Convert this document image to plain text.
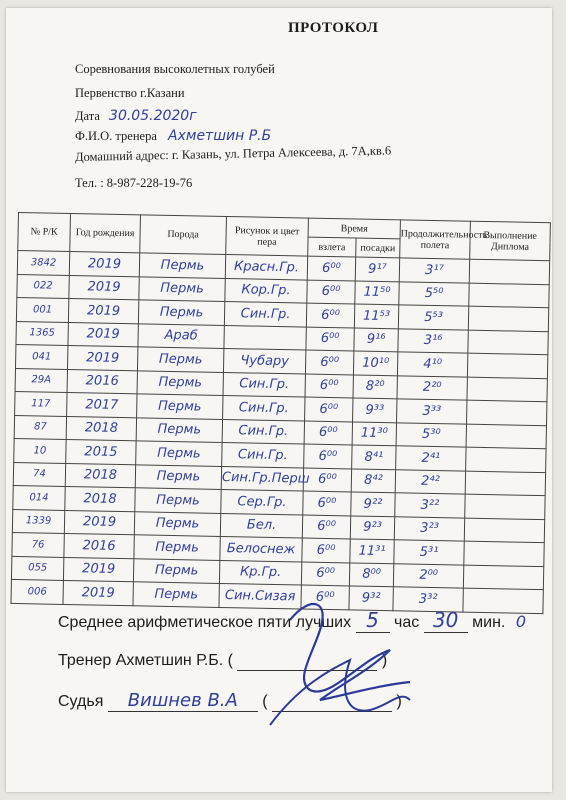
ПРОТОКОЛ
Соревнования высоколетных голубей
Первенство г.Казани
Дата 30.05.2020г
Ф.И.О. тренера Ахметшин Р.Б
Домашний адрес: г. Казань, ул. Петра Алексеева, д. 7А,кв.6
Тел. : 8-987-228-19-76
№ Р/К	Год рождения	Порода	Рисунок и цвет пера	Время		Продолжительность полета	Выполнение Диплома
				взлета	посадки		
3842	2019	Пермь	Красн.Гр.	6⁰⁰	9¹⁷	3¹⁷	
022	2019	Пермь	Кор.Гр.	6⁰⁰	11⁵⁰	5⁵⁰	
001	2019	Пермь	Син.Гр.	6⁰⁰	11⁵³	5⁵³	
1365	2019	Араб		6⁰⁰	9¹⁶	3¹⁶	
041	2019	Пермь	Чубару	6⁰⁰	10¹⁰	4¹⁰	
29А	2016	Пермь	Син.Гр.	6⁰⁰	8²⁰	2²⁰	
117	2017	Пермь	Син.Гр.	6⁰⁰	9³³	3³³	
87	2018	Пермь	Син.Гр.	6⁰⁰	11³⁰	5³⁰	
10	2015	Пермь	Син.Гр.	6⁰⁰	8⁴¹	2⁴¹	
74	2018	Пермь	Син.Гр.Перш	6⁰⁰	8⁴²	2⁴²	
014	2018	Пермь	Сер.Гр.	6⁰⁰	9²²	3²²	
1339	2019	Пермь	Бел.	6⁰⁰	9²³	3²³	
76	2016	Пермь	Белоснеж	6⁰⁰	11³¹	5³¹	
055	2019	Пермь	Кр.Гр.	6⁰⁰	8⁰⁰	2⁰⁰	
006	2019	Пермь	Син.Сизая	6⁰⁰	9³²	3³²	
Среднее арифметическое пяти лучших 5 час 30 мин. 0
Тренер Ахметшин Р.Б. (	)
Судья Вишнев В.А (	)
